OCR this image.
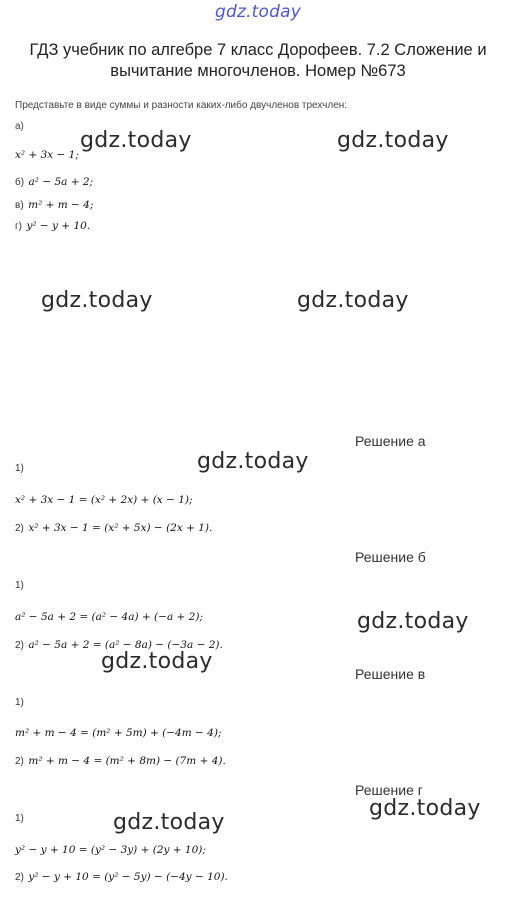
gdz.today
ГДЗ учебник по алгебре 7 класс Дорофеев. 7.2 Сложение и вычитание многочленов. Номер №673
Представьте в виде суммы и разности каких-либо двучленов трехчлен:
а)
x² + 3x − 1;
б) a² − 5a + 2;
в) m² + m − 4;
г) y² − y + 10.
gdz.today	gdz.today
gdz.today	gdz.today
gdz.today
gdz.today
gdz.today
gdz.today
gdz.today
Решение а
1)
x² + 3x − 1 = (x² + 2x) + (x − 1);
2) x² + 3x − 1 = (x² + 5x) − (2x + 1).
Решение б
1)
a² − 5a + 2 = (a² − 4a) + (−a + 2);
2) a² − 5a + 2 = (a² − 8a) − (−3a − 2).
Решение в
1)
m² + m − 4 = (m² + 5m) + (−4m − 4);
2) m² + m − 4 = (m² + 8m) − (7m + 4).
Решение г
1)
y² − y + 10 = (y² − 3y) + (2y + 10);
2) y² − y + 10 = (y² − 5y) − (−4y − 10).
